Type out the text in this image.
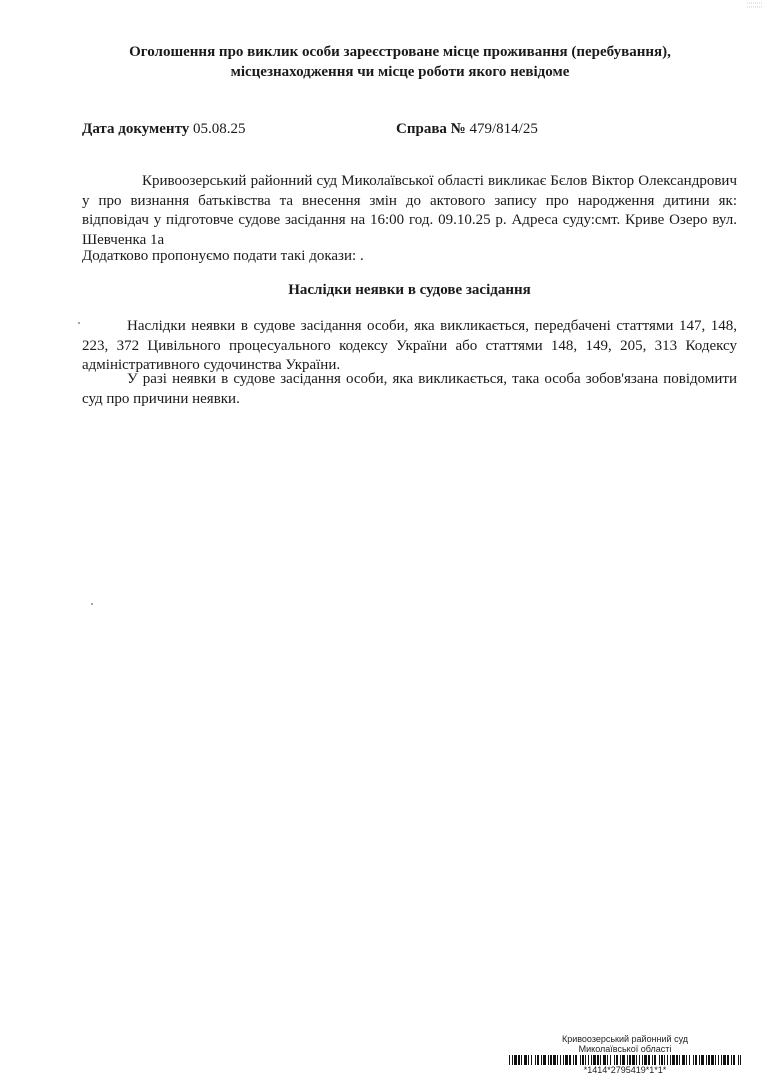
Оголошення про виклик особи зареєстроване місце проживання (перебування),
місцезнаходження чи місце роботи якого невідоме
Дата документу 05.08.25	Справа № 479/814/25
Кривоозерський районний суд Миколаївської області викликає Бєлов Віктор Олександрович у про визнання батьківства та внесення змін до актового запису про народження дитини як: відповідач у підготовче судове засідання на 16:00 год. 09.10.25 р. Адреса суду:смт. Криве Озеро вул. Шевченка 1а
Додатково пропонуємо подати такі докази: .
Наслідки неявки в судове засідання
Наслідки неявки в судове засідання особи, яка викликається, передбачені статтями 147, 148, 223, 372 Цивільного процесуального кодексу України або статтями 148, 149, 205, 313 Кодексу адміністративного судочинства України.
У разі неявки в судове засідання особи, яка викликається, така особа зобов'язана повідомити суд про причини неявки.
Кривоозерський районний суд
Миколаївської області
*1414*2795419*1*1*
